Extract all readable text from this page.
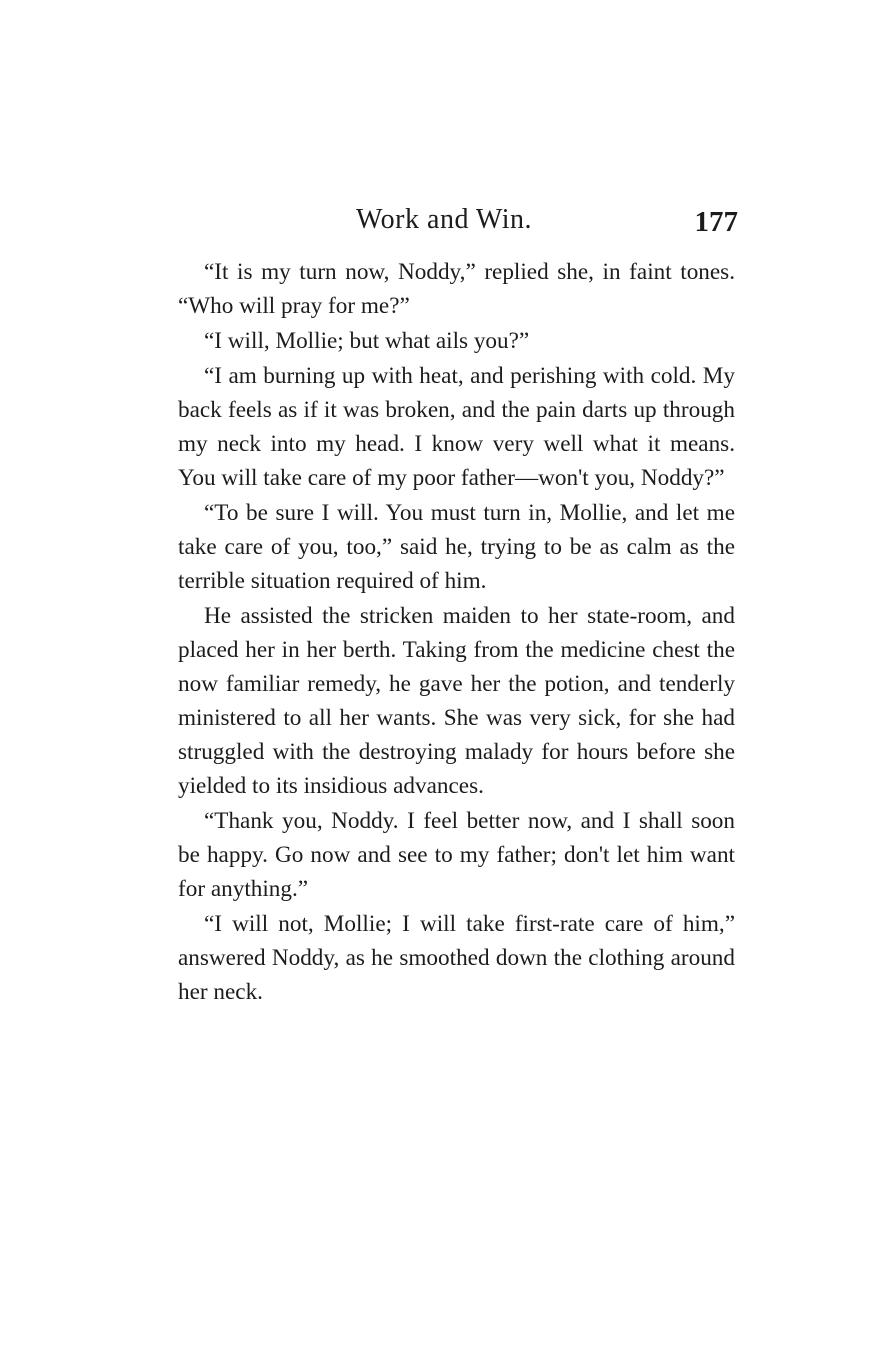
Work and Win.	177

“It is my turn now, Noddy,” replied she, in faint tones. “Who will pray for me?”

“I will, Mollie; but what ails you?”

“I am burning up with heat, and perishing with cold. My back feels as if it was broken, and the pain darts up through my neck into my head. I know very well what it means. You will take care of my poor father—won't you, Noddy?”

“To be sure I will. You must turn in, Mollie, and let me take care of you, too,” said he, trying to be as calm as the terrible situation required of him.

He assisted the stricken maiden to her state-room, and placed her in her berth. Taking from the medicine chest the now familiar remedy, he gave her the potion, and tenderly ministered to all her wants. She was very sick, for she had struggled with the destroying malady for hours before she yielded to its insidious advances.

“Thank you, Noddy. I feel better now, and I shall soon be happy. Go now and see to my father; don't let him want for anything.”

“I will not, Mollie; I will take first-rate care of him,” answered Noddy, as he smoothed down the clothing around her neck.
